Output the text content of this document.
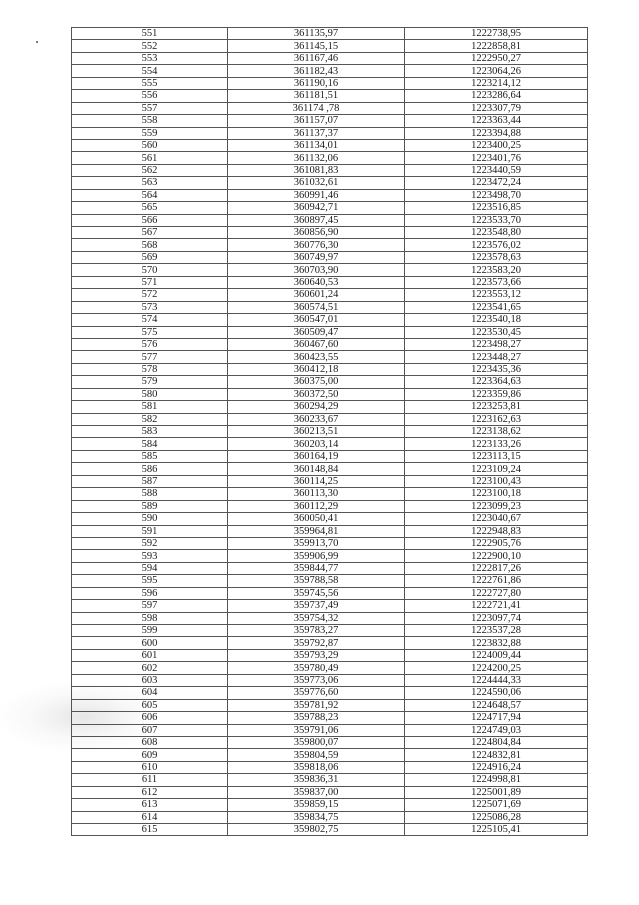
551	361135,97	1222738,95
552	361145,15	1222858,81
553	361167,46	1222950,27
554	361182,43	1223064,26
555	361190,16	1223214,12
556	361181,51	1223286,64
557	361174 ,78	1223307,79
558	361157,07	1223363,44
559	361137,37	1223394,88
560	361134,01	1223400,25
561	361132,06	1223401,76
562	361081,83	1223440,59
563	361032,61	1223472,24
564	360991,46	1223498,70
565	360942,71	1223516,85
566	360897,45	1223533,70
567	360856,90	1223548,80
568	360776,30	1223576,02
569	360749,97	1223578,63
570	360703,90	1223583,20
571	360640,53	1223573,66
572	360601,24	1223553,12
573	360574,51	1223541,65
574	360547,01	1223540,18
575	360509,47	1223530,45
576	360467,60	1223498,27
577	360423,55	1223448,27
578	360412,18	1223435,36
579	360375,00	1223364,63
580	360372,50	1223359,86
581	360294,29	1223253,81
582	360233,67	1223162,63
583	360213,51	1223138,62
584	360203,14	1223133,26
585	360164,19	1223113,15
586	360148,84	1223109,24
587	360114,25	1223100,43
588	360113,30	1223100,18
589	360112,29	1223099,23
590	360050,41	1223040,67
591	359964,81	1222948,83
592	359913,70	1222905,76
593	359906,99	1222900,10
594	359844,77	1222817,26
595	359788,58	1222761,86
596	359745,56	1222727,80
597	359737,49	1222721,41
598	359754,32	1223097,74
599	359783,27	1223537,28
600	359792,87	1223832,88
601	359793,29	1224009,44
602	359780,49	1224200,25
603	359773,06	1224444,33
604	359776,60	1224590,06
605	359781,92	1224648,57
606	359788,23	1224717,94
607	359791,06	1224749,03
608	359800,07	1224804,84
609	359804,59	1224832,81
610	359818,06	1224916,24
611	359836,31	1224998,81
612	359837,00	1225001,89
613	359859,15	1225071,69
614	359834,75	1225086,28
615	359802,75	1225105,41
